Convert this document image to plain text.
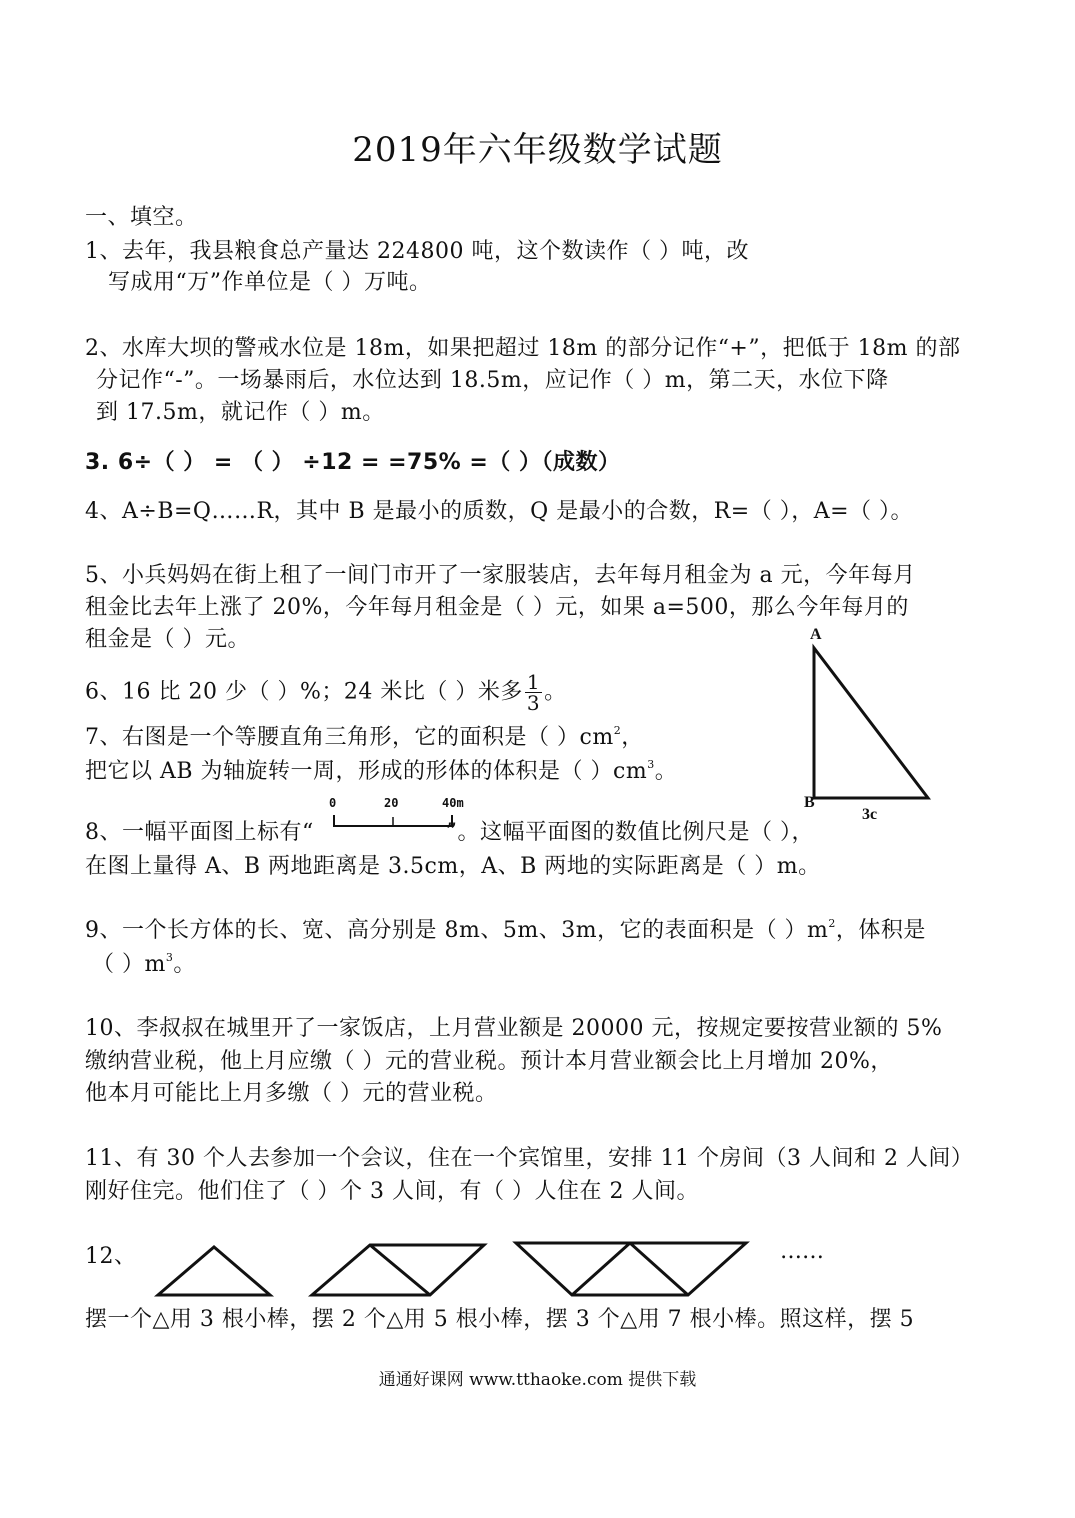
2019年六年级数学试题
一、填空。
1、去年，我县粮食总产量达 224800 吨，这个数读作（ ）吨，改
写成用“万”作单位是（ ）万吨。
2、水库大坝的警戒水位是 18m，如果把超过 18m 的部分记作“+”，把低于 18m 的部
分记作“-”。一场暴雨后，水位达到 18.5m，应记作（ ）m，第二天，水位下降
到 17.5m，就记作（ ）m。
3. 6÷（ ） = （ ） ÷12 = =75% =（ ）（成数）
4、A÷B=Q……R，其中 B 是最小的质数，Q 是最小的合数，R=（ ），A=（ ）。
5、小兵妈妈在街上租了一间门市开了一家服装店，去年每月租金为 a 元，今年每月
租金比去年上涨了 20%，今年每月租金是（ ）元，如果 a=500，那么今年每月的
租金是（ ）元。
6、16 比 20 少（ ）%；24 米比（ ）米多 $\frac{1}{3}$ 。
7、右图是一个等腰直角三角形，它的面积是（ ）$cm^2$，
把它以 AB 为轴旋转一周，形成的形体的体积是（ ）$cm^3$。
A
B
3c
8、一幅平面图上标有“	”。这幅平面图的数值比例尺是（ ），
0	20	40m
在图上量得 A、B 两地距离是 3.5cm，A、B 两地的实际距离是（ ）m。
9、一个长方体的长、宽、高分别是 8m、5m、3m，它的表面积是（ ）$m^2$，体积是
（ ）$m^3$。
10、李叔叔在城里开了一家饭店，上月营业额是 20000 元，按规定要按营业额的 5%
缴纳营业税，他上月应缴（ ）元的营业税。预计本月营业额会比上月增加 20%，
他本月可能比上月多缴（ ）元的营业税。
11、有 30 个人去参加一个会议，住在一个宾馆里，安排 11 个房间（3 人间和 2 人间）
刚好住完。他们住了（ ）个 3 人间，有（ ）人住在 2 人间。
12、	……
摆一个△用 3 根小棒，摆 2 个△用 5 根小棒，摆 3 个△用 7 根小棒。照这样，摆 5
通通好课网 www.tthaoke.com 提供下载
